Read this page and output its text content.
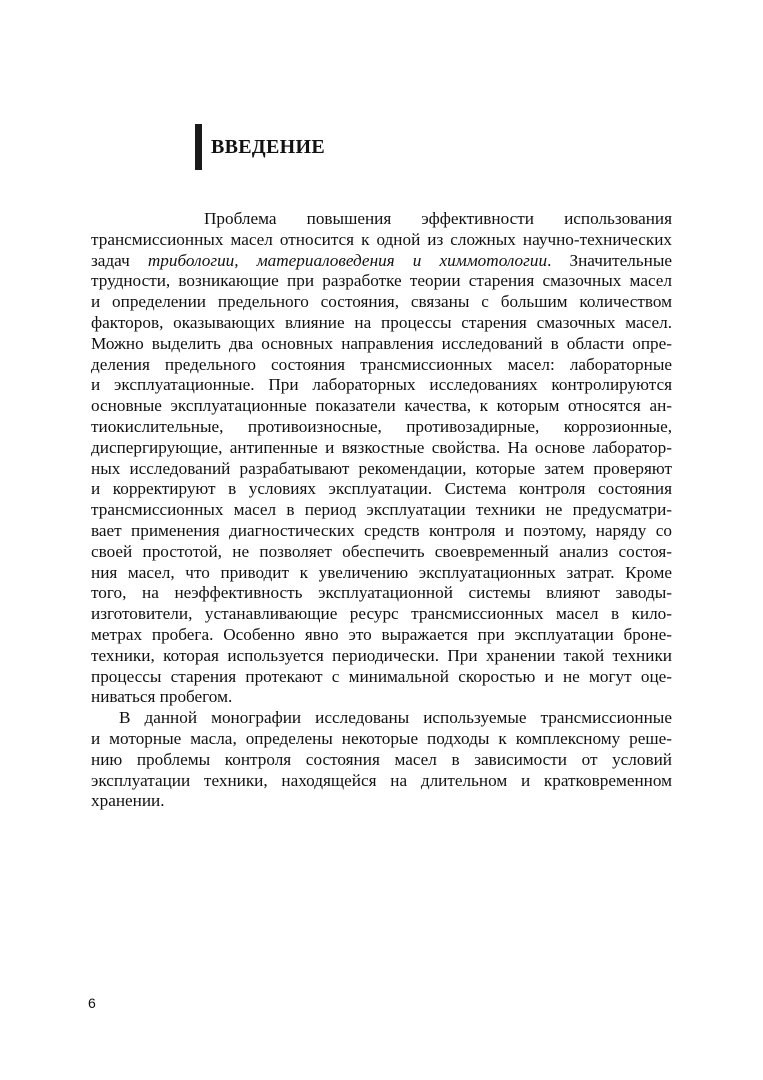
ВВЕДЕНИЕ
Проблема повышения эффективности использования
трансмиссионных масел относится к одной из сложных научно-технических
задач трибологии, материаловедения и химмотологии. Значительные
трудности, возникающие при разработке теории старения смазочных масел
и определении предельного состояния, связаны с большим количеством
факторов, оказывающих влияние на процессы старения смазочных масел.
Можно выделить два основных направления исследований в области опре-
деления предельного состояния трансмиссионных масел: лабораторные
и эксплуатационные. При лабораторных исследованиях контролируются
основные эксплуатационные показатели качества, к которым относятся ан-
тиокислительные, противоизносные, противозадирные, коррозионные,
диспергирующие, антипенные и вязкостные свойства. На основе лаборатор-
ных исследований разрабатывают рекомендации, которые затем проверяют
и корректируют в условиях эксплуатации. Система контроля состояния
трансмиссионных масел в период эксплуатации техники не предусматри-
вает применения диагностических средств контроля и поэтому, наряду со
своей простотой, не позволяет обеспечить своевременный анализ состоя-
ния масел, что приводит к увеличению эксплуатационных затрат. Кроме
того, на неэффективность эксплуатационной системы влияют заводы-
изготовители, устанавливающие ресурс трансмиссионных масел в кило-
метрах пробега. Особенно явно это выражается при эксплуатации броне-
техники, которая используется периодически. При хранении такой техники
процессы старения протекают с минимальной скоростью и не могут оце-
ниваться пробегом.
В данной монографии исследованы используемые трансмиссионные
и моторные масла, определены некоторые подходы к комплексному реше-
нию проблемы контроля состояния масел в зависимости от условий
эксплуатации техники, находящейся на длительном и кратковременном
хранении.
6
